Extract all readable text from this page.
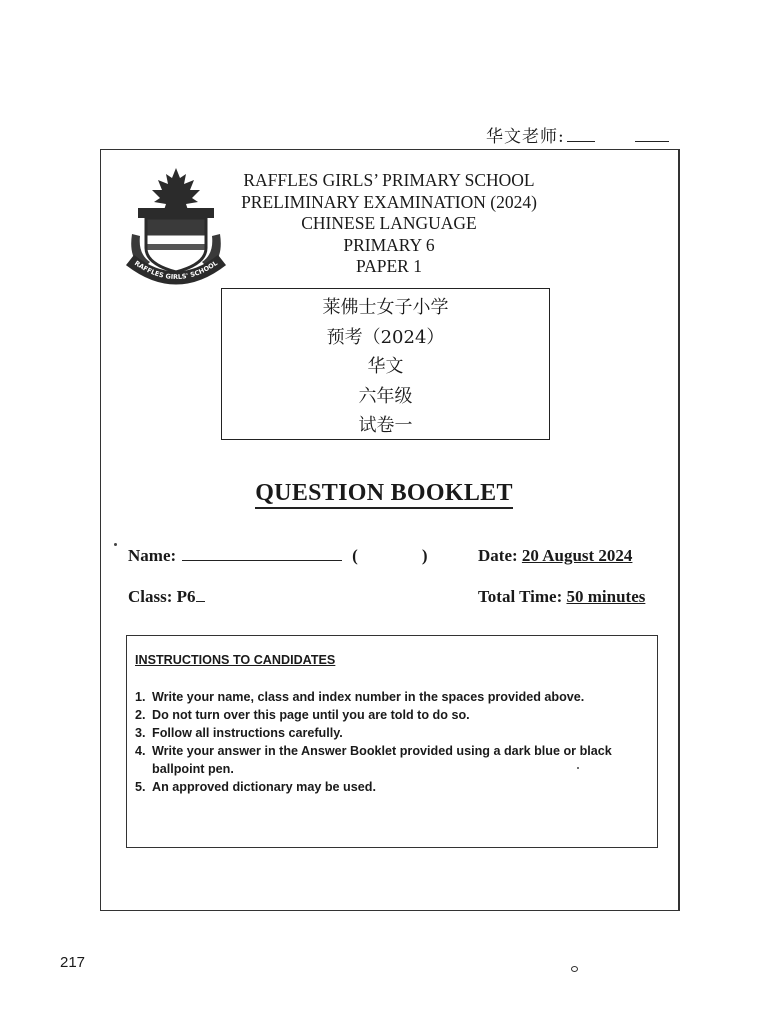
华文老师:
RAFFLES GIRLS' SCHOOL
RAFFLES GIRLS’ PRIMARY SCHOOL
PRELIMINARY EXAMINATION (2024)
CHINESE LANGUAGE
PRIMARY 6
PAPER 1
莱佛士女子小学
预考（2024）
华文
六年级
试卷一
QUESTION BOOKLET
Name:	(	)	Date: 20 August 2024
Class: P6	Total Time: 50 minutes
INSTRUCTIONS TO CANDIDATES
1. Write your name, class and index number in the spaces provided above.
2. Do not turn over this page until you are told to do so.
3. Follow all instructions carefully.
4. Write your answer in the Answer Booklet provided using a dark blue or black ballpoint pen.
5. An approved dictionary may be used.
217
